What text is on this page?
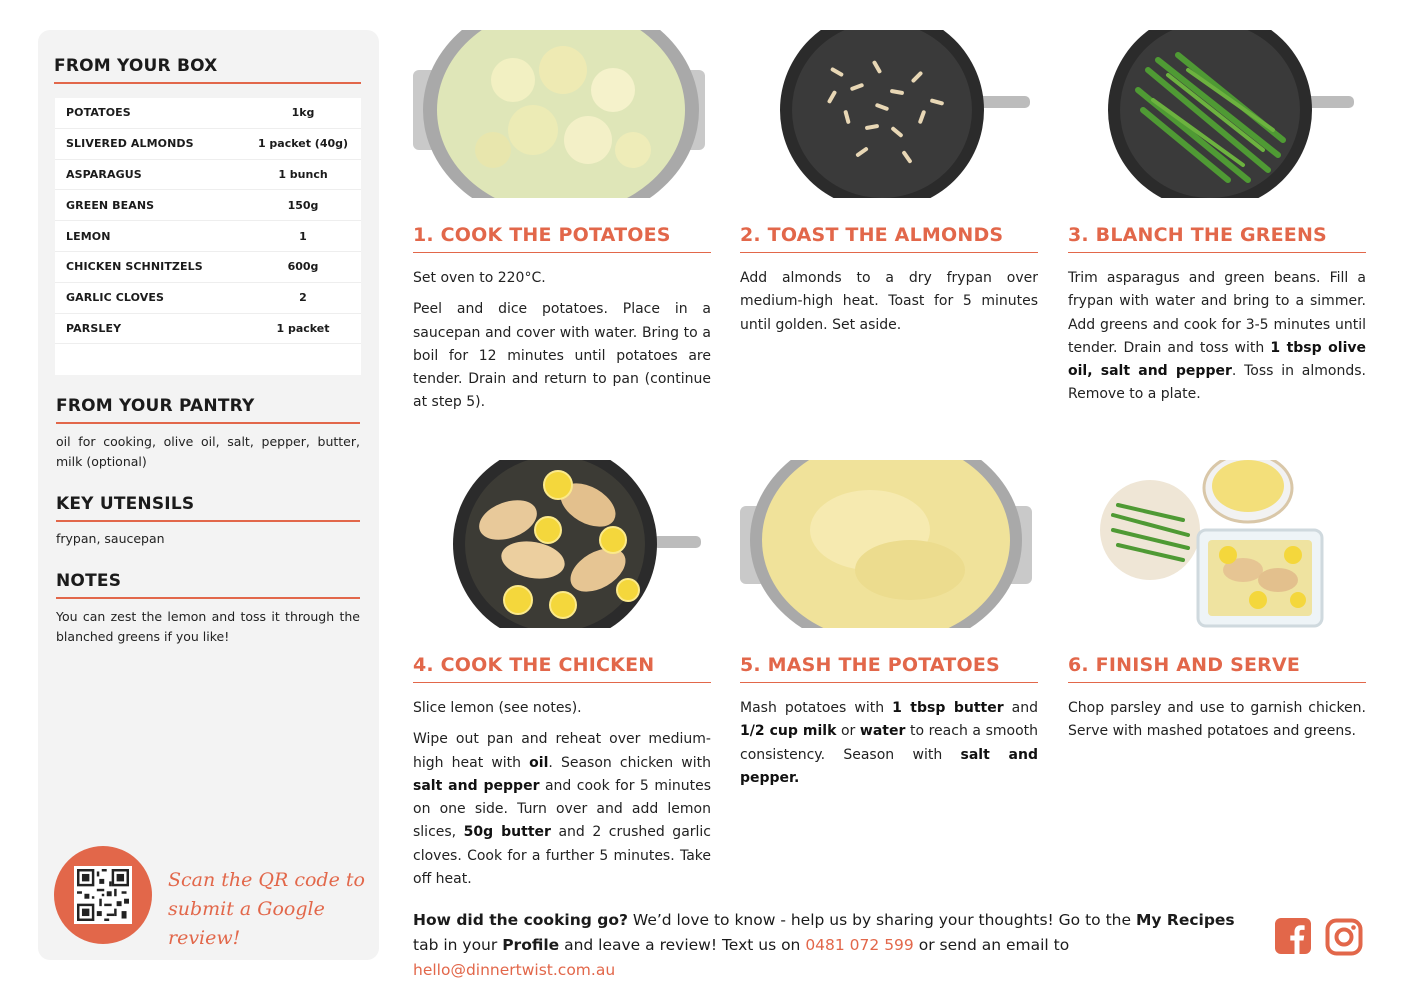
FROM YOUR BOX
POTATOES	1kg
SLIVERED ALMONDS	1 packet (40g)
ASPARAGUS	1 bunch
GREEN BEANS	150g
LEMON	1
CHICKEN SCHNITZELS	600g
GARLIC CLOVES	2
PARSLEY	1 packet
FROM YOUR PANTRY
oil for cooking, olive oil, salt, pepper, butter, milk (optional)
KEY UTENSILS
frypan, saucepan
NOTES
You can zest the lemon and toss it through the blanched greens if you like!
Scan the QR code to
submit a Google review!
1. COOK THE POTATOES

Set oven to 220°C.

Peel and dice potatoes. Place in a saucepan and cover with water. Bring to a boil for 12 minutes until potatoes are tender. Drain and return to pan (continue at step 5).

2. TOAST THE ALMONDS

Add almonds to a dry frypan over medium-high heat. Toast for 5 minutes until golden. Set aside.

3. BLANCH THE GREENS

Trim asparagus and green beans. Fill a frypan with water and bring to a simmer. Add greens and cook for 3-5 minutes until tender. Drain and toss with 1 tbsp olive oil, salt and pepper. Toss in almonds. Remove to a plate.

4. COOK THE CHICKEN

Slice lemon (see notes).

Wipe out pan and reheat over medium-high heat with oil. Season chicken with salt and pepper and cook for 5 minutes on one side. Turn over and add lemon slices, 50g butter and 2 crushed garlic cloves. Cook for a further 5 minutes. Take off heat.

5. MASH THE POTATOES

Mash potatoes with 1 tbsp butter and 1/2 cup milk or water to reach a smooth consistency. Season with salt and pepper.

6. FINISH AND SERVE

Chop parsley and use to garnish chicken. Serve with mashed potatoes and greens.

How did the cooking go? We’d love to know - help us by sharing your thoughts! Go to the My Recipes tab in your Profile and leave a review! Text us on 0481 072 599 or send an email to hello@dinnertwist.com.au
